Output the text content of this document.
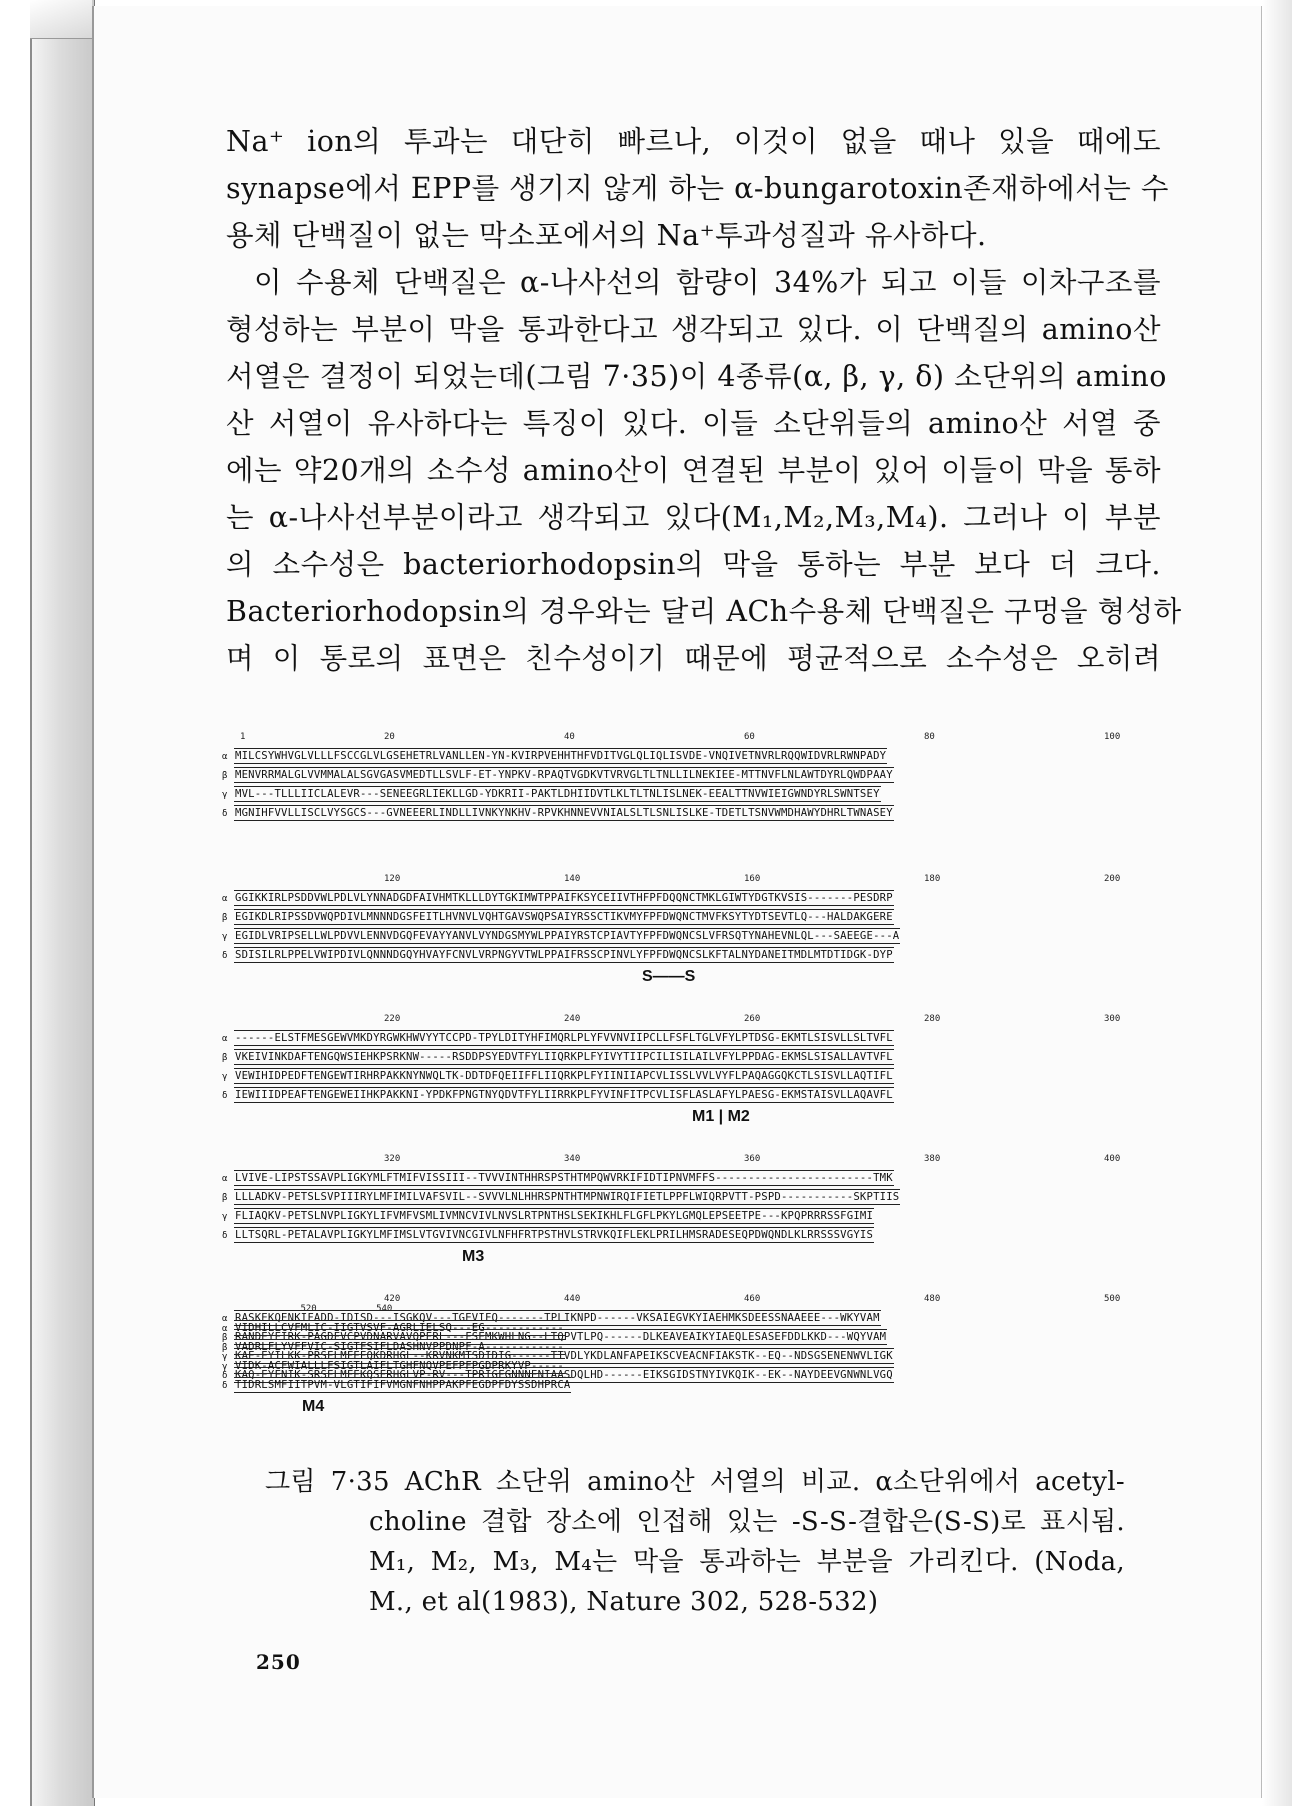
Na⁺ ion의 투과는 대단히 빠르나, 이것이 없을 때나 있을 때에도
synapse에서 EPP를 생기지 않게 하는 α-bungarotoxin존재하에서는 수
용체 단백질이 없는 막소포에서의 Na⁺투과성질과 유사하다.
이 수용체 단백질은 α-나사선의 함량이 34%가 되고 이들 이차구조를
형성하는 부분이 막을 통과한다고 생각되고 있다. 이 단백질의 amino산
서열은 결정이 되었는데(그림 7·35)이 4종류(α, β, γ, δ) 소단위의 amino
산 서열이 유사하다는 특징이 있다. 이들 소단위들의 amino산 서열 중
에는 약20개의 소수성 amino산이 연결된 부분이 있어 이들이 막을 통하
는 α-나사선부분이라고 생각되고 있다(M₁,M₂,M₃,M₄). 그러나 이 부분
의 소수성은 bacteriorhodopsin의 막을 통하는 부분 보다 더 크다.
Bacteriorhodopsin의 경우와는 달리 ACh수용체 단백질은 구멍을 형성하
며 이 통로의 표면은 친수성이기 때문에 평균적으로 소수성은 오히려
1	20	40	60	80	100
α MILCSYWHVGLVLLLFSCCGLVLGSEHETRLVANLLEN-YN-KVIRPVEHHTHFVDITVGLQLIQLISVDE-VNQIVETNVRLRQQWIDVRLRWNPADY
β MENVRRMALGLVVMMALALSGVGASVMEDTLLSVLF-ET-YNPKV-RPAQTVGDKVTVRVGLTLTNLLILNEKIEE-MTTNVFLNLAWTDYRLQWDPAAY
γ MVL---TLLLIICLALEVR---SENEEGRLIEKLLGD-YDKRII-PAKTLDHIIDVTLKLTLTNLISLNEK-EEALTTNVWIEIGWNDYRLSWNTSEY
δ MGNIHFVVLLISCLVYSGCS---GVNEEERLINDLLIVNKYNKHV-RPVKHNNEVVNIALSLTLSNLISLKE-TDETLTSNVWMDHAWYDHRLTWNASEY
120	140	160	180	200
α GGIKKIRLPSDDVWLPDLVLYNNADGDFAIVHMTKLLLDYTGKIMWTPPAIFKSYCEIIVTHFPFDQQNCTMKLGIWTYDGTKVSIS-------PESDRP
β EGIKDLRIPSSDVWQPDIVLMNNNDGSFEITLHVNVLVQHTGAVSWQPSAIYRSSCTIKVMYFPFDWQNCTMVFKSYTYDTSEVTLQ---HALDAKGERE
γ EGIDLVRIPSELLWLPDVVLENNVDGQFEVAYYANVLVYNDGSMYWLPPAIYRSTCPIAVTYFPFDWQNCSLVFRSQTYNAHEVNLQL---SAEEGE---A
δ SDISILRLPPELVWIPDIVLQNNNDGQYHVAYFCNVLVRPNGYVTWLPPAIFRSSCPINVLYFPFDWQNCSLKFTALNYDANEITMDLMTDTIDGK-DYP
S——S
220	240	260	280	300
α ------ELSTFMESGEWVMKDYRGWKHWVYYTCCPD-TPYLDITYHFIMQRLPLYFVVNVIIPCLLFSFLTGLVFYLPTDSG-EKMTLSISVLLSLTVFL
β VKEIVINKDAFTENGQWSIEHKPSRKNW-----RSDDPSYEDVTFYLIIQRKPLFYIVYTIIPCILISILAILVFYLPPDAG-EKMSLSISALLAVTVFL
γ VEWIHIDPEDFTENGEWTIRHRPAKKNYNWQLTK-DDTDFQEIIFFLIIQRKPLFYIINIIAPCVLISSLVVLVYFLPAQAGGQKCTLSISVLLAQTIFL
δ IEWIIIDPEAFTENGEWEIIHKPAKKNI-YPDKFPNGTNYQDVTFYLIIRRKPLFYVINFITPCVLISFLASLAFYLPAESG-EKMSTAISVLLAQAVFL
M1 | M2
320	340	360	380	400
α LVIVE-LIPSTSSAVPLIGKYMLFTMIFVISSIII--TVVVINTHHRSPSTHTMPQWVRKIFIDTIPNVMFFS------------------------TMK
β LLLADKV-PETSLSVPIIIRYLMFIMILVAFSVIL--SVVVLNLHHRSPNTHTMPNWIRQIFIETLPPFLWIQRPVTT-PSPD-----------SKPTIIS
γ FLIAQKV-PETSLNVPLIGKYLIFVMFVSMLIVMNCVIVLNVSLRTPNTHSLSEKIKHLFLGFLPKYLGMQLEPSEETPE---KPQPRRRSSFGIMI
δ LLTSQRL-PETALAVPLIGKYLMFIMSLVTGVIVNCGIVLNFHFRTPSTHVLSTRVKQIFLEKLPRILHMSRADESEQPDWQNDLKLRRSSSVGYIS
M3
420	440	460	480	500
α RASKEKQENKIFADD-IDISD---ISGKQV---TGEVIFQ-------TPLIKNPD------VKSAIEGVKYIAEHMKSDEESSNAAEEE---WKYVAM
β RANDEYFIRK-PAGDFVCPVDNARVAVQPERL---FSEMKWHLNG--LTQPVTLPQ------DLKEAVEAIKYIAEQLESASEFDDLKKD---WQYVAM
γ KAE-EYILKK-PRSELMFEEQKDRHGL--KRVNKMTSDIDIG------TTVDLYKDLANFAPEIKSCVEACNFIAKSTK--EQ--NDSGSENENWVLIGK
δ KAQ-EYFNIK-SRSELMFEKQSERHGLVP-RV---TPRIGFGNNNENIAASDQLHD------EIKSGIDSTNYIVKQIK--EK--NAYDEEVGNWNLVGQ
520	540
α VIDHILLCVFMLIC-IIGTVSVF-AGRLIELSQ---EG------------
β VADRLFLYVFFVIC-SIGTFSIFLDASHNVPPDNPF-A------------
γ VIDK-ACFWIALLLFSIGTLAIFLTGHFNQVPEFPFPGDPRKYVP-----
δ TIDRLSMFIITPVM-VLGTIFIFVMGNFNHPPAKPFEGDPFDYSSDHPRCA
M4
그림 7·35 AChR 소단위 amino산 서열의 비교. α소단위에서 acetyl-
choline 결합 장소에 인접해 있는 -S-S-결합은(S-S)로 표시됨.
M₁, M₂, M₃, M₄는 막을 통과하는 부분을 가리킨다. (Noda,
M., et al(1983), Nature 302, 528-532)
250
